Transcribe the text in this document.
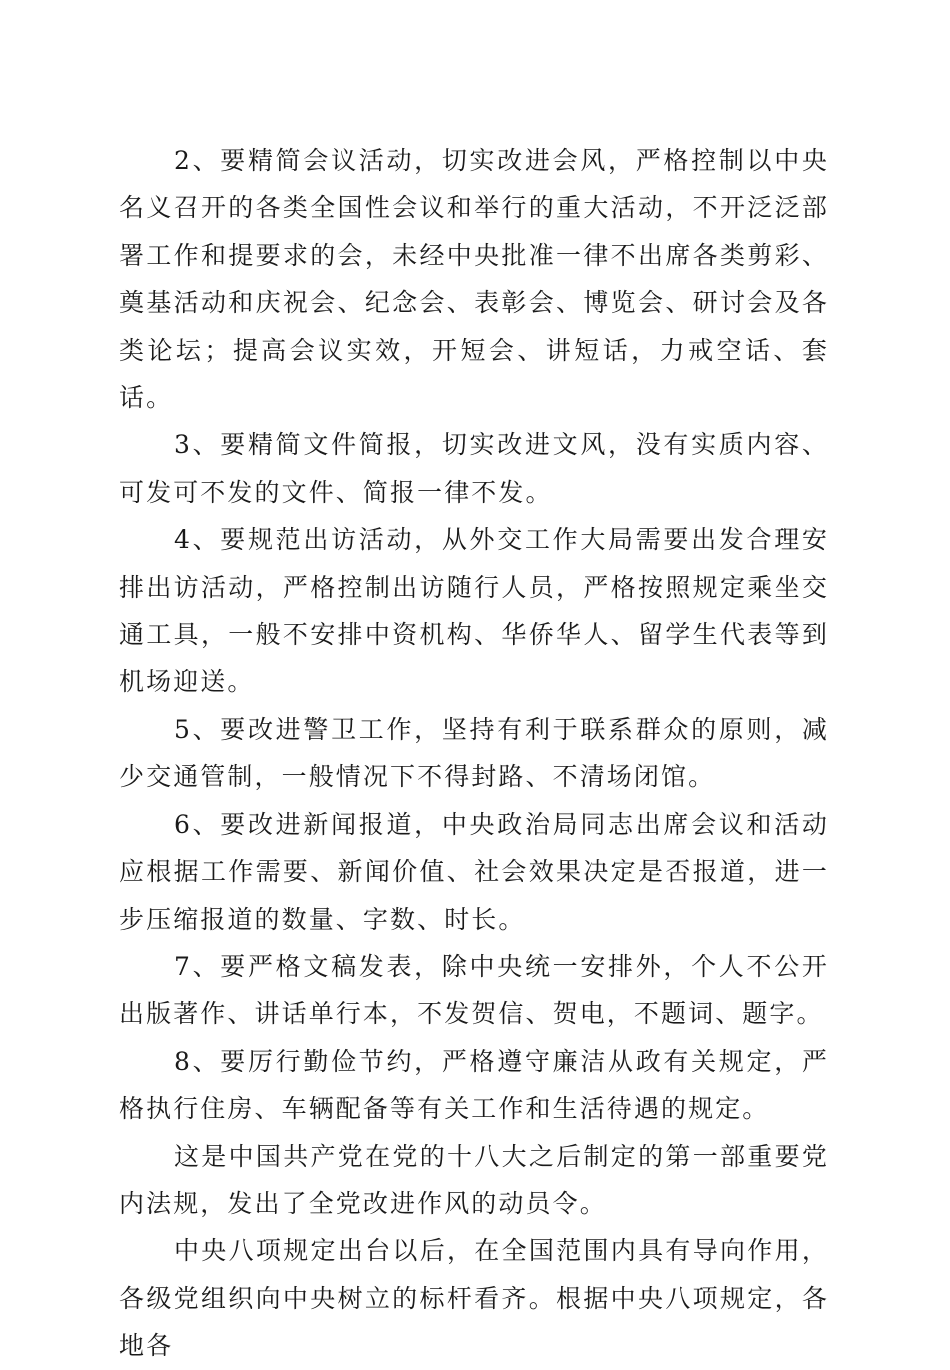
2、要精简会议活动，切实改进会风，严格控制以中央名义召开的各类全国性会议和举行的重大活动，不开泛泛部署工作和提要求的会，未经中央批准一律不出席各类剪彩、奠基活动和庆祝会、纪念会、表彰会、博览会、研讨会及各类论坛；提高会议实效，开短会、讲短话，力戒空话、套话。

3、要精简文件简报，切实改进文风，没有实质内容、可发可不发的文件、简报一律不发。

4、要规范出访活动，从外交工作大局需要出发合理安排出访活动，严格控制出访随行人员，严格按照规定乘坐交通工具，一般不安排中资机构、华侨华人、留学生代表等到机场迎送。

5、要改进警卫工作，坚持有利于联系群众的原则，减少交通管制，一般情况下不得封路、不清场闭馆。

6、要改进新闻报道，中央政治局同志出席会议和活动应根据工作需要、新闻价值、社会效果决定是否报道，进一步压缩报道的数量、字数、时长。

7、要严格文稿发表，除中央统一安排外，个人不公开出版著作、讲话单行本，不发贺信、贺电，不题词、题字。

8、要厉行勤俭节约，严格遵守廉洁从政有关规定，严格执行住房、车辆配备等有关工作和生活待遇的规定。

这是中国共产党在党的十八大之后制定的第一部重要党内法规，发出了全党改进作风的动员令。

中央八项规定出台以后，在全国范围内具有导向作用，各级党组织向中央树立的标杆看齐。根据中央八项规定，各地各
